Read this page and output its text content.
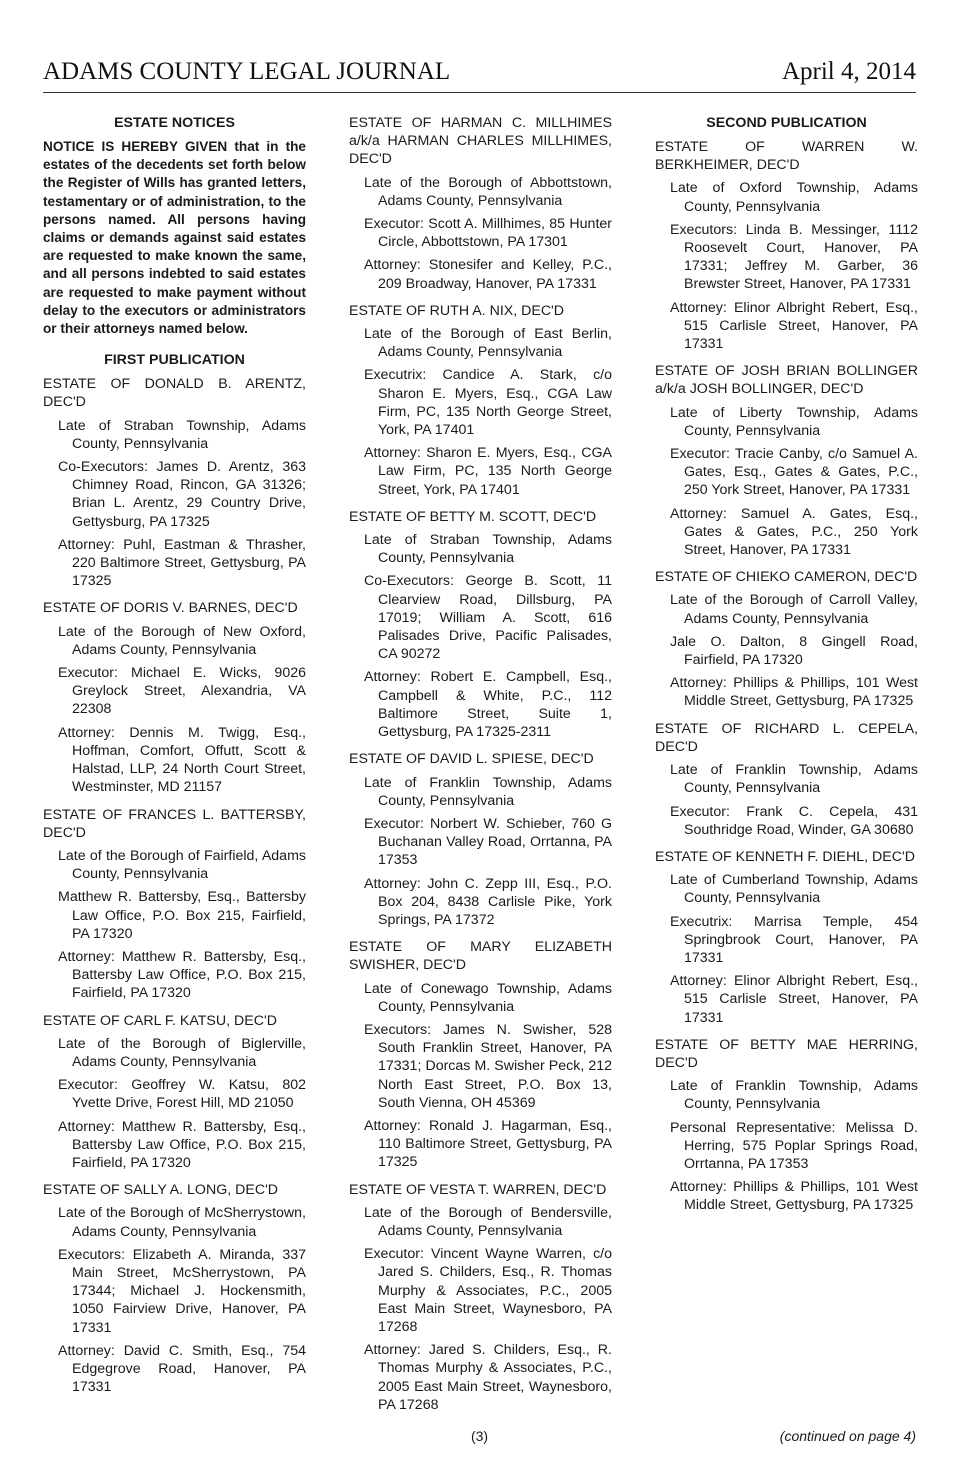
ADAMS COUNTY LEGAL JOURNAL	April 4, 2014
ESTATE NOTICES
NOTICE IS HEREBY GIVEN that in the estates of the decedents set forth below the Register of Wills has granted letters, testamentary or of administration, to the persons named. All persons having claims or demands against said estates are requested to make known the same, and all persons indebted to said estates are requested to make payment without delay to the executors or administrators or their attorneys named below.
FIRST PUBLICATION
ESTATE OF DONALD B. ARENTZ, DEC'D
Late of Straban Township, Adams County, Pennsylvania
Co-Executors: James D. Arentz, 363 Chimney Road, Rincon, GA 31326; Brian L. Arentz, 29 Country Drive, Gettysburg, PA 17325
Attorney: Puhl, Eastman & Thrasher, 220 Baltimore Street, Gettysburg, PA 17325
ESTATE OF DORIS V. BARNES, DEC'D
Late of the Borough of New Oxford, Adams County, Pennsylvania
Executor: Michael E. Wicks, 9026 Greylock Street, Alexandria, VA 22308
Attorney: Dennis M. Twigg, Esq., Hoffman, Comfort, Offutt, Scott & Halstad, LLP, 24 North Court Street, Westminster, MD 21157
ESTATE OF FRANCES L. BATTERSBY, DEC'D
Late of the Borough of Fairfield, Adams County, Pennsylvania
Matthew R. Battersby, Esq., Battersby Law Office, P.O. Box 215, Fairfield, PA 17320
Attorney: Matthew R. Battersby, Esq., Battersby Law Office, P.O. Box 215, Fairfield, PA 17320
ESTATE OF CARL F. KATSU, DEC'D
Late of the Borough of Biglerville, Adams County, Pennsylvania
Executor: Geoffrey W. Katsu, 802 Yvette Drive, Forest Hill, MD 21050
Attorney: Matthew R. Battersby, Esq., Battersby Law Office, P.O. Box 215, Fairfield, PA 17320
ESTATE OF SALLY A. LONG, DEC'D
Late of the Borough of McSherrystown, Adams County, Pennsylvania
Executors: Elizabeth A. Miranda, 337 Main Street, McSherrystown, PA 17344; Michael J. Hockensmith, 1050 Fairview Drive, Hanover, PA 17331
Attorney: David C. Smith, Esq., 754 Edgegrove Road, Hanover, PA 17331
ESTATE OF HARMAN C. MILLHIMES a/k/a HARMAN CHARLES MILLHIMES, DEC'D
Late of the Borough of Abbottstown, Adams County, Pennsylvania
Executor: Scott A. Millhimes, 85 Hunter Circle, Abbottstown, PA 17301
Attorney: Stonesifer and Kelley, P.C., 209 Broadway, Hanover, PA 17331
ESTATE OF RUTH A. NIX, DEC'D
Late of the Borough of East Berlin, Adams County, Pennsylvania
Executrix: Candice A. Stark, c/o Sharon E. Myers, Esq., CGA Law Firm, PC, 135 North George Street, York, PA 17401
Attorney: Sharon E. Myers, Esq., CGA Law Firm, PC, 135 North George Street, York, PA 17401
ESTATE OF BETTY M. SCOTT, DEC'D
Late of Straban Township, Adams County, Pennsylvania
Co-Executors: George B. Scott, 11 Clearview Road, Dillsburg, PA 17019; William A. Scott, 616 Palisades Drive, Pacific Palisades, CA 90272
Attorney: Robert E. Campbell, Esq., Campbell & White, P.C., 112 Baltimore Street, Suite 1, Gettysburg, PA 17325-2311
ESTATE OF DAVID L. SPIESE, DEC'D
Late of Franklin Township, Adams County, Pennsylvania
Executor: Norbert W. Schieber, 760 G Buchanan Valley Road, Orrtanna, PA 17353
Attorney: John C. Zepp III, Esq., P.O. Box 204, 8438 Carlisle Pike, York Springs, PA 17372
ESTATE OF MARY ELIZABETH SWISHER, DEC'D
Late of Conewago Township, Adams County, Pennsylvania
Executors: James N. Swisher, 528 South Franklin Street, Hanover, PA 17331; Dorcas M. Swisher Peck, 212 North East Street, P.O. Box 13, South Vienna, OH 45369
Attorney: Ronald J. Hagarman, Esq., 110 Baltimore Street, Gettysburg, PA 17325
ESTATE OF VESTA T. WARREN, DEC'D
Late of the Borough of Bendersville, Adams County, Pennsylvania
Executor: Vincent Wayne Warren, c/o Jared S. Childers, Esq., R. Thomas Murphy & Associates, P.C., 2005 East Main Street, Waynesboro, PA 17268
Attorney: Jared S. Childers, Esq., R. Thomas Murphy & Associates, P.C., 2005 East Main Street, Waynesboro, PA 17268
SECOND PUBLICATION
ESTATE OF WARREN W. BERKHEIMER, DEC'D
Late of Oxford Township, Adams County, Pennsylvania
Executors: Linda B. Messinger, 1112 Roosevelt Court, Hanover, PA 17331; Jeffrey M. Garber, 36 Brewster Street, Hanover, PA 17331
Attorney: Elinor Albright Rebert, Esq., 515 Carlisle Street, Hanover, PA 17331
ESTATE OF JOSH BRIAN BOLLINGER a/k/a JOSH BOLLINGER, DEC'D
Late of Liberty Township, Adams County, Pennsylvania
Executor: Tracie Canby, c/o Samuel A. Gates, Esq., Gates & Gates, P.C., 250 York Street, Hanover, PA 17331
Attorney: Samuel A. Gates, Esq., Gates & Gates, P.C., 250 York Street, Hanover, PA 17331
ESTATE OF CHIEKO CAMERON, DEC'D
Late of the Borough of Carroll Valley, Adams County, Pennsylvania
Jale O. Dalton, 8 Gingell Road, Fairfield, PA 17320
Attorney: Phillips & Phillips, 101 West Middle Street, Gettysburg, PA 17325
ESTATE OF RICHARD L. CEPELA, DEC'D
Late of Franklin Township, Adams County, Pennsylvania
Executor: Frank C. Cepela, 431 Southridge Road, Winder, GA 30680
ESTATE OF KENNETH F. DIEHL, DEC'D
Late of Cumberland Township, Adams County, Pennsylvania
Executrix: Marrisa Temple, 454 Springbrook Court, Hanover, PA 17331
Attorney: Elinor Albright Rebert, Esq., 515 Carlisle Street, Hanover, PA 17331
ESTATE OF BETTY MAE HERRING, DEC'D
Late of Franklin Township, Adams County, Pennsylvania
Personal Representative: Melissa D. Herring, 575 Poplar Springs Road, Orrtanna, PA 17353
Attorney: Phillips & Phillips, 101 West Middle Street, Gettysburg, PA 17325
(3)	(continued on page 4)
